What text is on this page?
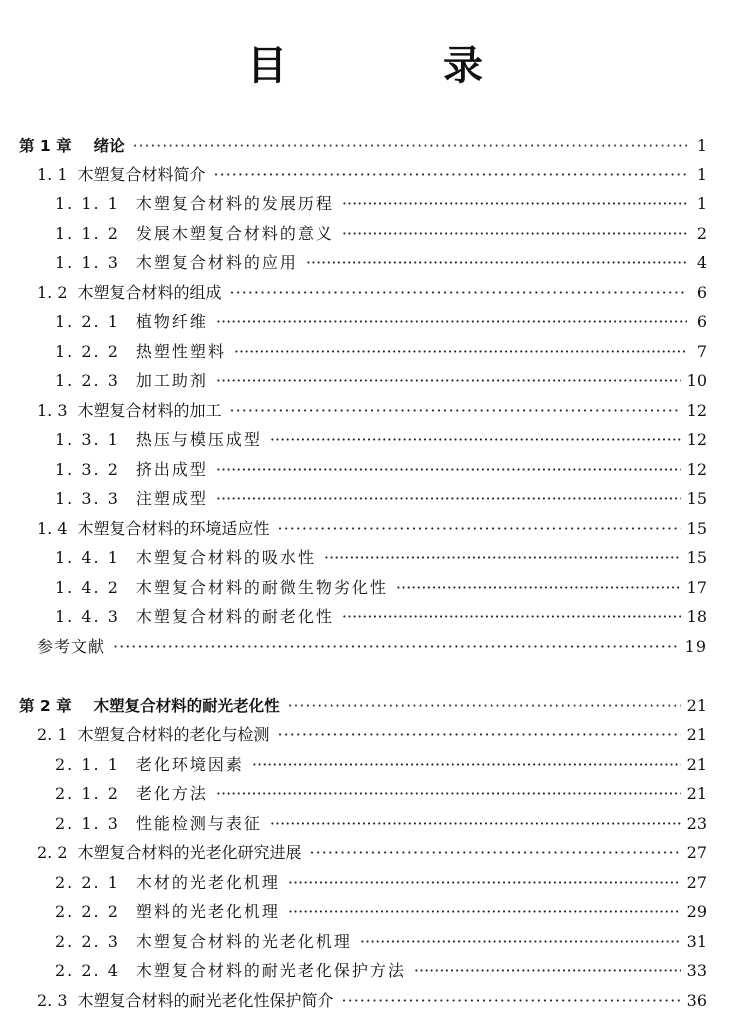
目　录
第 1 章 绪论 ·····	1
1. 1 木塑复合材料简介 ·····	1
1. 1. 1 木塑复合材料的发展历程 ·····	1
1. 1. 2 发展木塑复合材料的意义 ·····	2
1. 1. 3 木塑复合材料的应用 ·····	4
1. 2 木塑复合材料的组成 ·····	6
1. 2. 1 植物纤维 ·····	6
1. 2. 2 热塑性塑料 ·····	7
1. 2. 3 加工助剂 ·····	10
1. 3 木塑复合材料的加工 ·····	12
1. 3. 1 热压与模压成型 ·····	12
1. 3. 2 挤出成型 ·····	12
1. 3. 3 注塑成型 ·····	15
1. 4 木塑复合材料的环境适应性 ·····	15
1. 4. 1 木塑复合材料的吸水性 ·····	15
1. 4. 2 木塑复合材料的耐微生物劣化性 ·····	17
1. 4. 3 木塑复合材料的耐老化性 ·····	18
参考文献 ·····	19
第 2 章 木塑复合材料的耐光老化性 ·····	21
2. 1 木塑复合材料的老化与检测 ·····	21
2. 1. 1 老化环境因素 ·····	21
2. 1. 2 老化方法 ·····	21
2. 1. 3 性能检测与表征 ·····	23
2. 2 木塑复合材料的光老化研究进展 ·····	27
2. 2. 1 木材的光老化机理 ·····	27
2. 2. 2 塑料的光老化机理 ·····	29
2. 2. 3 木塑复合材料的光老化机理 ·····	31
2. 2. 4 木塑复合材料的耐光老化保护方法 ·····	33
2. 3 木塑复合材料的耐光老化性保护简介 ·····	36
